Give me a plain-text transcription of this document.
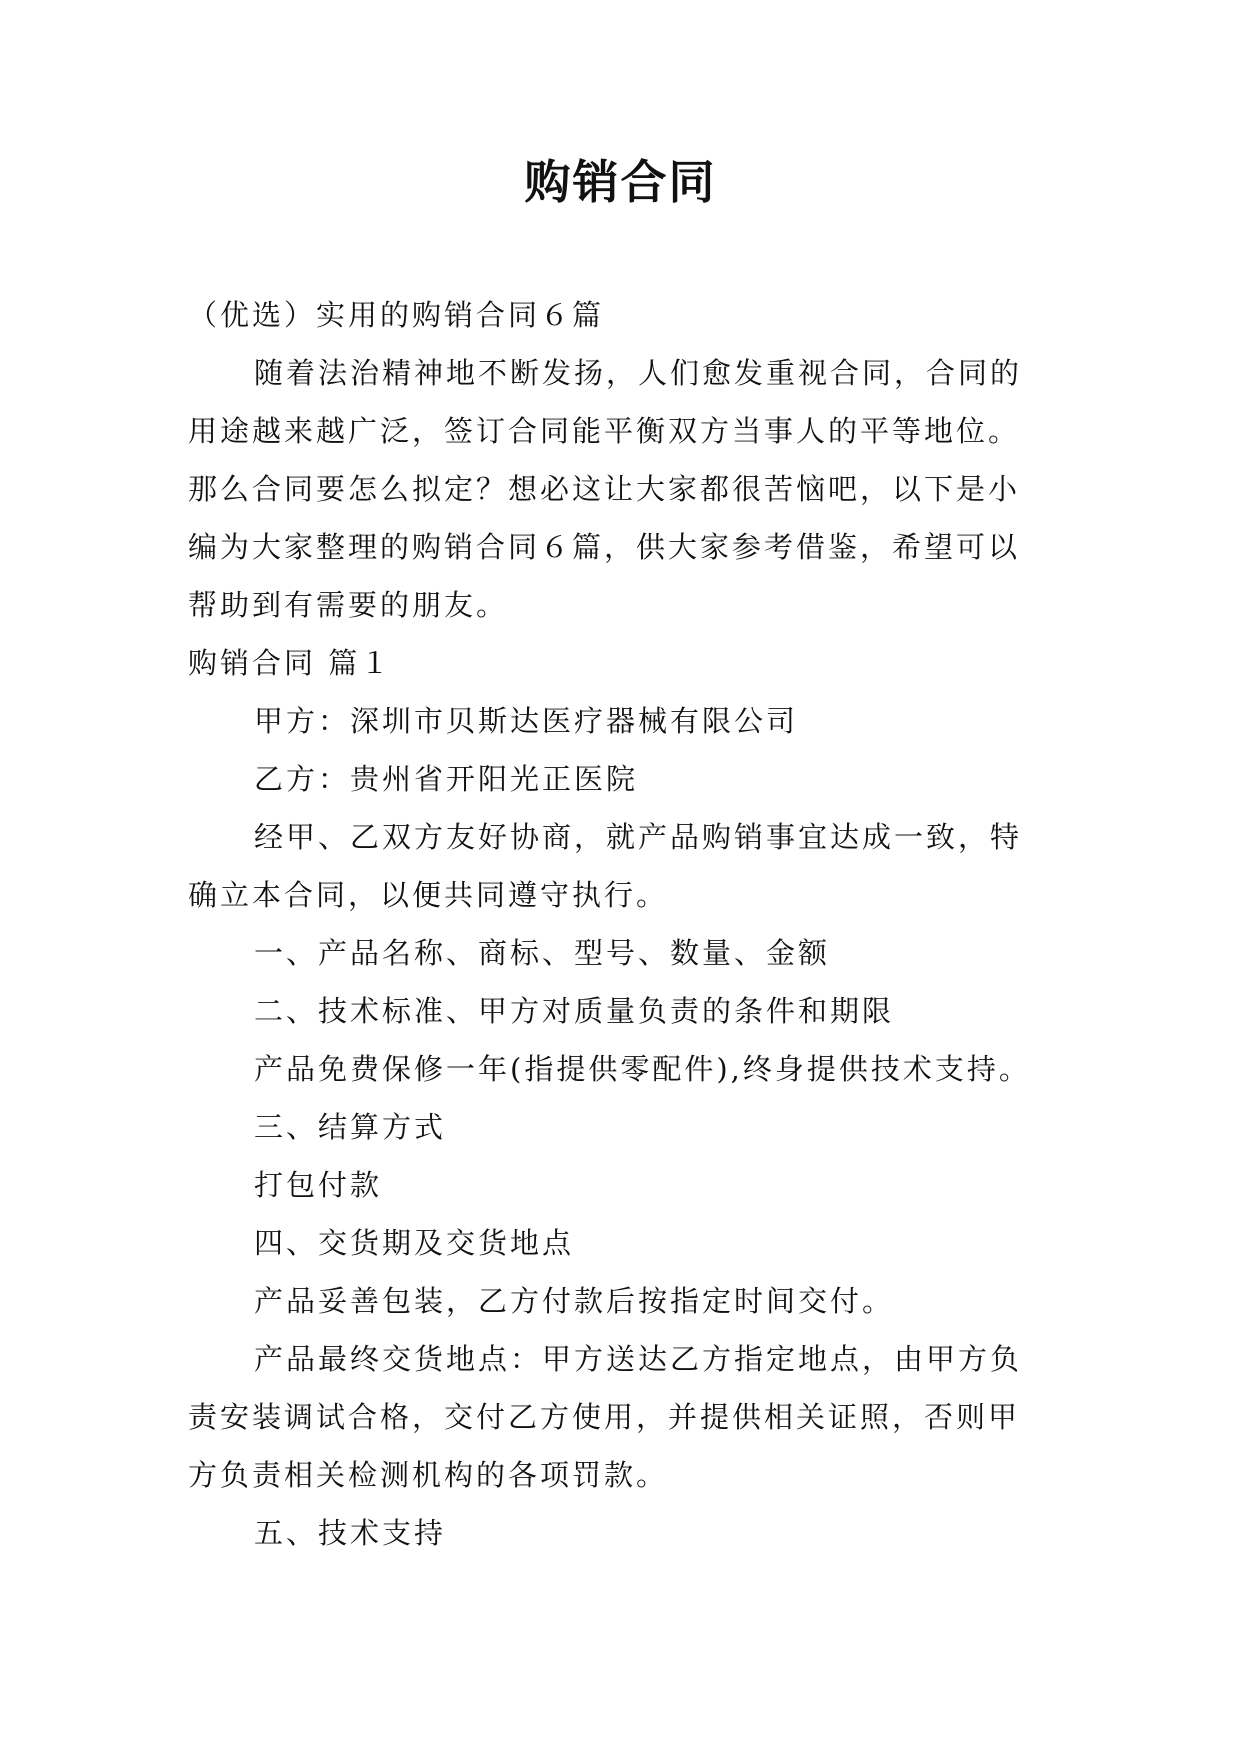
购销合同

（优选）实用的购销合同６篇

随着法治精神地不断发扬，人们愈发重视合同，合同的

用途越来越广泛，签订合同能平衡双方当事人的平等地位。

那么合同要怎么拟定？想必这让大家都很苦恼吧，以下是小

编为大家整理的购销合同６篇，供大家参考借鉴，希望可以

帮助到有需要的朋友。

购销合同 篇１

甲方：深圳市贝斯达医疗器械有限公司

乙方：贵州省开阳光正医院

经甲、乙双方友好协商，就产品购销事宜达成一致，特

确立本合同，以便共同遵守执行。

一、产品名称、商标、型号、数量、金额

二、技术标准、甲方对质量负责的条件和期限

产品免费保修一年(指提供零配件),终身提供技术支持。

三、结算方式

打包付款

四、交货期及交货地点

产品妥善包装，乙方付款后按指定时间交付。

产品最终交货地点：甲方送达乙方指定地点，由甲方负

责安装调试合格，交付乙方使用，并提供相关证照，否则甲

方负责相关检测机构的各项罚款。

五、技术支持
